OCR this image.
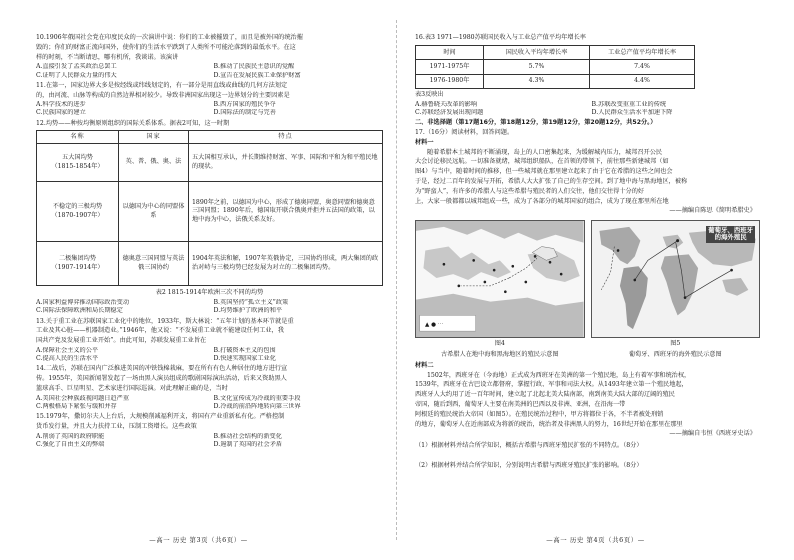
10.1906年俄国社会党在印度民众的一次演讲中说：你们的工业被摧毁了，而且是被外国的统治摧

毁的；你们的财富正流向国外，使你们的生活水平跌到了人类所不可能沦落到的最低水平。在这

样的时刻，不当断请思，哪有机所，我谈诺。该演讲

A.直接引发了孟买政治总罢工	B.推动了民族民主意识的觉醒
C.证明了人民群众力量的伟大	D.宣告在发展民族工业保护财富

11.在第一，国家边界大多是按经线或纬线划定的，有一部分是用直线或曲线的几何方法划定

的，由河流、山脉等构成的自然边界相对较少。导致非洲国家出现这一边界划分的主要因素是

A.科学技术的进步	B.西方国家的殖民争夺
C.民族国家的建立	D.国际法的制定与完善

12.均势——种按均衡原则组织的国际关系体系。据表2可知，这一时期

名称	国家	特点
五大国均势
（1815-1854年）	英、普、俄、奥、法	五大国相互承认，并长期维持财富、军事、国际和平和为和平殖民地的现状。
不稳定的三极均势
（1870-1907年）	以德国为中心的同盟体系	1890年之前，以德国为中心，形成了德奥同盟，奥意同盟和德奥意三国同盟；1890年后，德国取开联合俄奥并拒并五法国的政策，以地中海为中心，法俄关系友好。
二极集团均势
（1907-1914年）	德奥意三国同盟与英法俄三国协约	1904年英法和解，1907年英俄协定，三国协约形成，两大集团的政治对峙与三极均势已经发展为对立的二极集团均势。
表2 1815-1914年欧洲三次不同的均势
A.国家利益博弈推动国际政治变动	B.英国坚持“孤立主义”政策
C.国际法保障欧洲和局长期稳定	D.均势维护了欧洲的和平

13.关于重工业在苏联国家工业化中的地位，1933年，斯大林说：“五年计划的基本环节就是重

工业及其心脏——机器制造业。”1946年，他又说：“不发展重工业就不能建设任何工业，我

国共产党及发展重工业开始”。由此可知，苏联发展重工业旨在

A.保障社会主义的公平	B.打破资本主义的包围
C.提高人民的生活水平	D.快速实现国家工业化

14.二战后，苏联在国内广泛推进美国的冲铁钱棉栽麻，要在所有有色人种居住的地方进行宣

传。1955年，美国新闻署发起了一场由黑人演员组成的歌剧国际演出活动，后来又资助黑人

篮球高手、巨星明星、艺术家进行国际巡演。对此理解正确的是，当时

A.美国社会种族歧视问题日趋严重	B.文化宣传成为冷战的重要手段
C.两极格局下紧张与缓和并存	D.冷战的前沿阵地转向第三世界

15.1979年，撒切尔夫人上台后，大规模削减福利开支，将国有产业重新私有化。严格控制

货币发行量，并且大力扶持工业，压制工资增长。这些政策

A.削弱了英国的政府职能	B.推动社会结构的新变化
C.强化了自由主义的弊端	D.遏制了英国的社会矛盾
—高一 历史 第3页（共6页）—

16.表3 1971—1980苏联国民收入与工业总产值平均年增长率

时间	国民收入平均年增长率	工业总产值平均年增长率
1971-1975年	5.7%	7.4%
1976-1980年	4.3%	4.4%

表3反映出

A.赫鲁晓夫改革的影响	B.苏联改变重重工业的传统
C.苏联经济发展出现问题	D.人民群众生活水平加速下降
二、非选择题（第17题16分，第18题12分，第19题12分，第20题12分，共52分。）

17.（16分）阅读材料，回答问题。

材料一

随着希腊本土城邦的不断涌现，岛上的人口密集起来，为缓解城内压力，城邦召开公民

大会讨论移民远航。一切准备就绪，城邦组织船队，在首领的带领下，前往那些新建城邦（如

图4）与当中，随着时间的推移，但一些城邦就在那里建立起来了由于它在希腊的这些之间也会

于是，经过二百年的发展与开拓，希腊人大大扩张了自己的生存空间。到了地中海与黑海地区，被称

为“野蛮人”，有许多的希腊人与这些希腊与殖民者的人们交往，他们交往得十分的好

上，大家一般都都以城邦组成一些，成为了各部分的城邦国家的组合，成为了现在那里所在地

——摘编自陈思《简明希腊史》

▲ ● ⋯
葡萄牙、西班牙
的海外殖民
图4	图5
古希腊人在地中海和黑海地区的殖民示意图	葡萄牙、西班牙的海外殖民示意图

材料二

1502年，西班牙在（今海地）正式成为西班牙在美洲的第一个殖民地，岛上有着军事和统治权，

1539年，西班牙在古巴设立都督府，掌握行政、军事和司法大权。从1493年建立第一个殖民地起，

西班牙人大约用了近一百年时间，建立起了北起北美大陆南部，南到南美大陆大部的辽阔的殖民

帝国，随后到西，葡萄牙人主要在南美洲的巴西以及非洲、亚洲，在沿海一带

阿根廷的殖民统治大帝国（如图5）。在殖民统治过程中，甲方将都位于各，不半者被处刑销

的地方，葡萄牙人在近南部成为将新的统治，统治者及非洲黑人的努力，16世纪开始在那里在那里

——摘编自韦恒《西班牙史话》

（1）根据材料并结合所学知识，概括古希腊与西班牙殖民扩张的不同特点。（8分）

（2）根据材料并结合所学知识，分别说明古希腊与西班牙殖民扩张的影响。（8分）

—高一 历史 第4页（共6页）—
